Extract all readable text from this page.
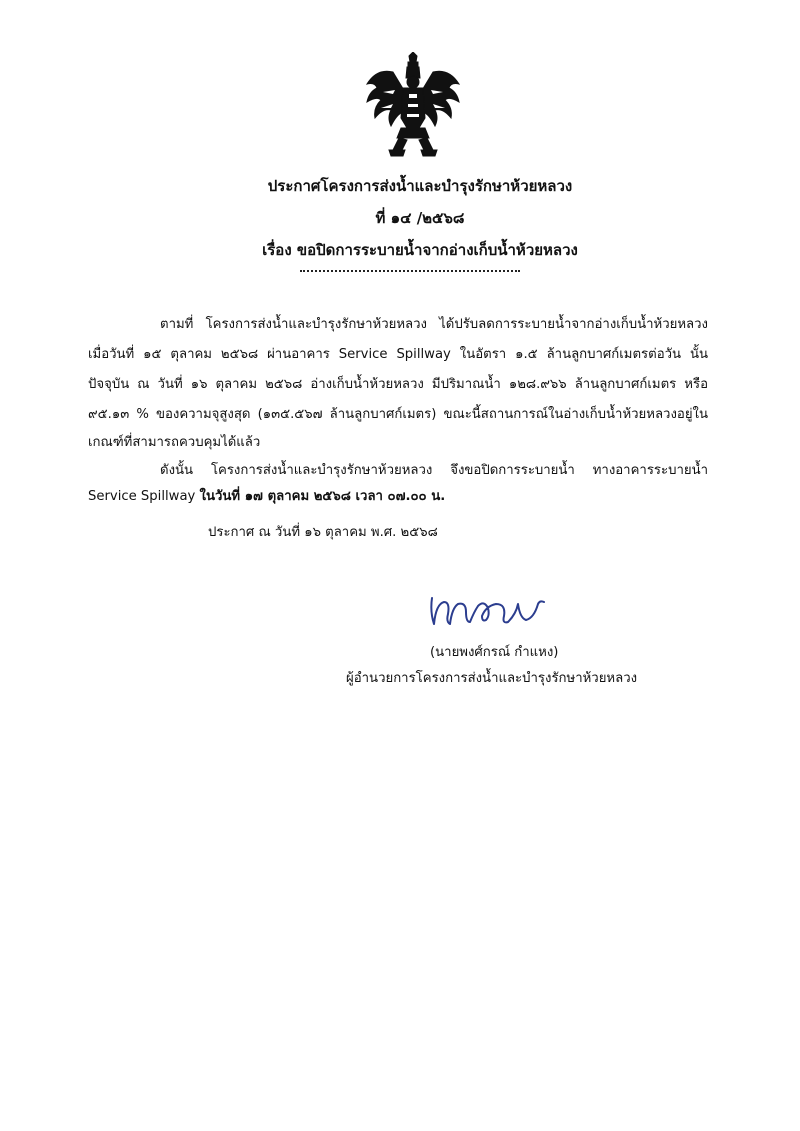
ประกาศโครงการส่งน้ำและบำรุงรักษาห้วยหลวง
ที่ ๑๔ /๒๕๖๘
เรื่อง ขอปิดการระบายน้ำจากอ่างเก็บน้ำห้วยหลวง
ตามที่ โครงการส่งน้ำและบำรุงรักษาห้วยหลวง ได้ปรับลดการระบายน้ำจากอ่างเก็บน้ำห้วยหลวง
เมื่อวันที่ ๑๕ ตุลาคม ๒๕๖๘ ผ่านอาคาร Service Spillway ในอัตรา ๑.๕ ล้านลูกบาศก์เมตรต่อวัน นั้น
ปัจจุบัน ณ วันที่ ๑๖ ตุลาคม ๒๕๖๘ อ่างเก็บน้ำห้วยหลวง มีปริมาณน้ำ ๑๒๘.๙๖๖ ล้านลูกบาศก์เมตร หรือ
๙๕.๑๓ % ของความจุสูงสุด (๑๓๕.๕๖๗ ล้านลูกบาศก์เมตร) ขณะนี้สถานการณ์ในอ่างเก็บน้ำห้วยหลวงอยู่ใน
เกณฑ์ที่สามารถควบคุมได้แล้ว
ดังนั้น โครงการส่งน้ำและบำรุงรักษาห้วยหลวง จึงขอปิดการระบายน้ำ ทางอาคารระบายน้ำ
Service Spillway ในวันที่ ๑๗ ตุลาคม ๒๕๖๘ เวลา ๐๗.๐๐ น.
ประกาศ ณ วันที่ ๑๖ ตุลาคม พ.ศ. ๒๕๖๘
(นายพงศ์กรณ์ กำแหง)
ผู้อำนวยการโครงการส่งน้ำและบำรุงรักษาห้วยหลวง
